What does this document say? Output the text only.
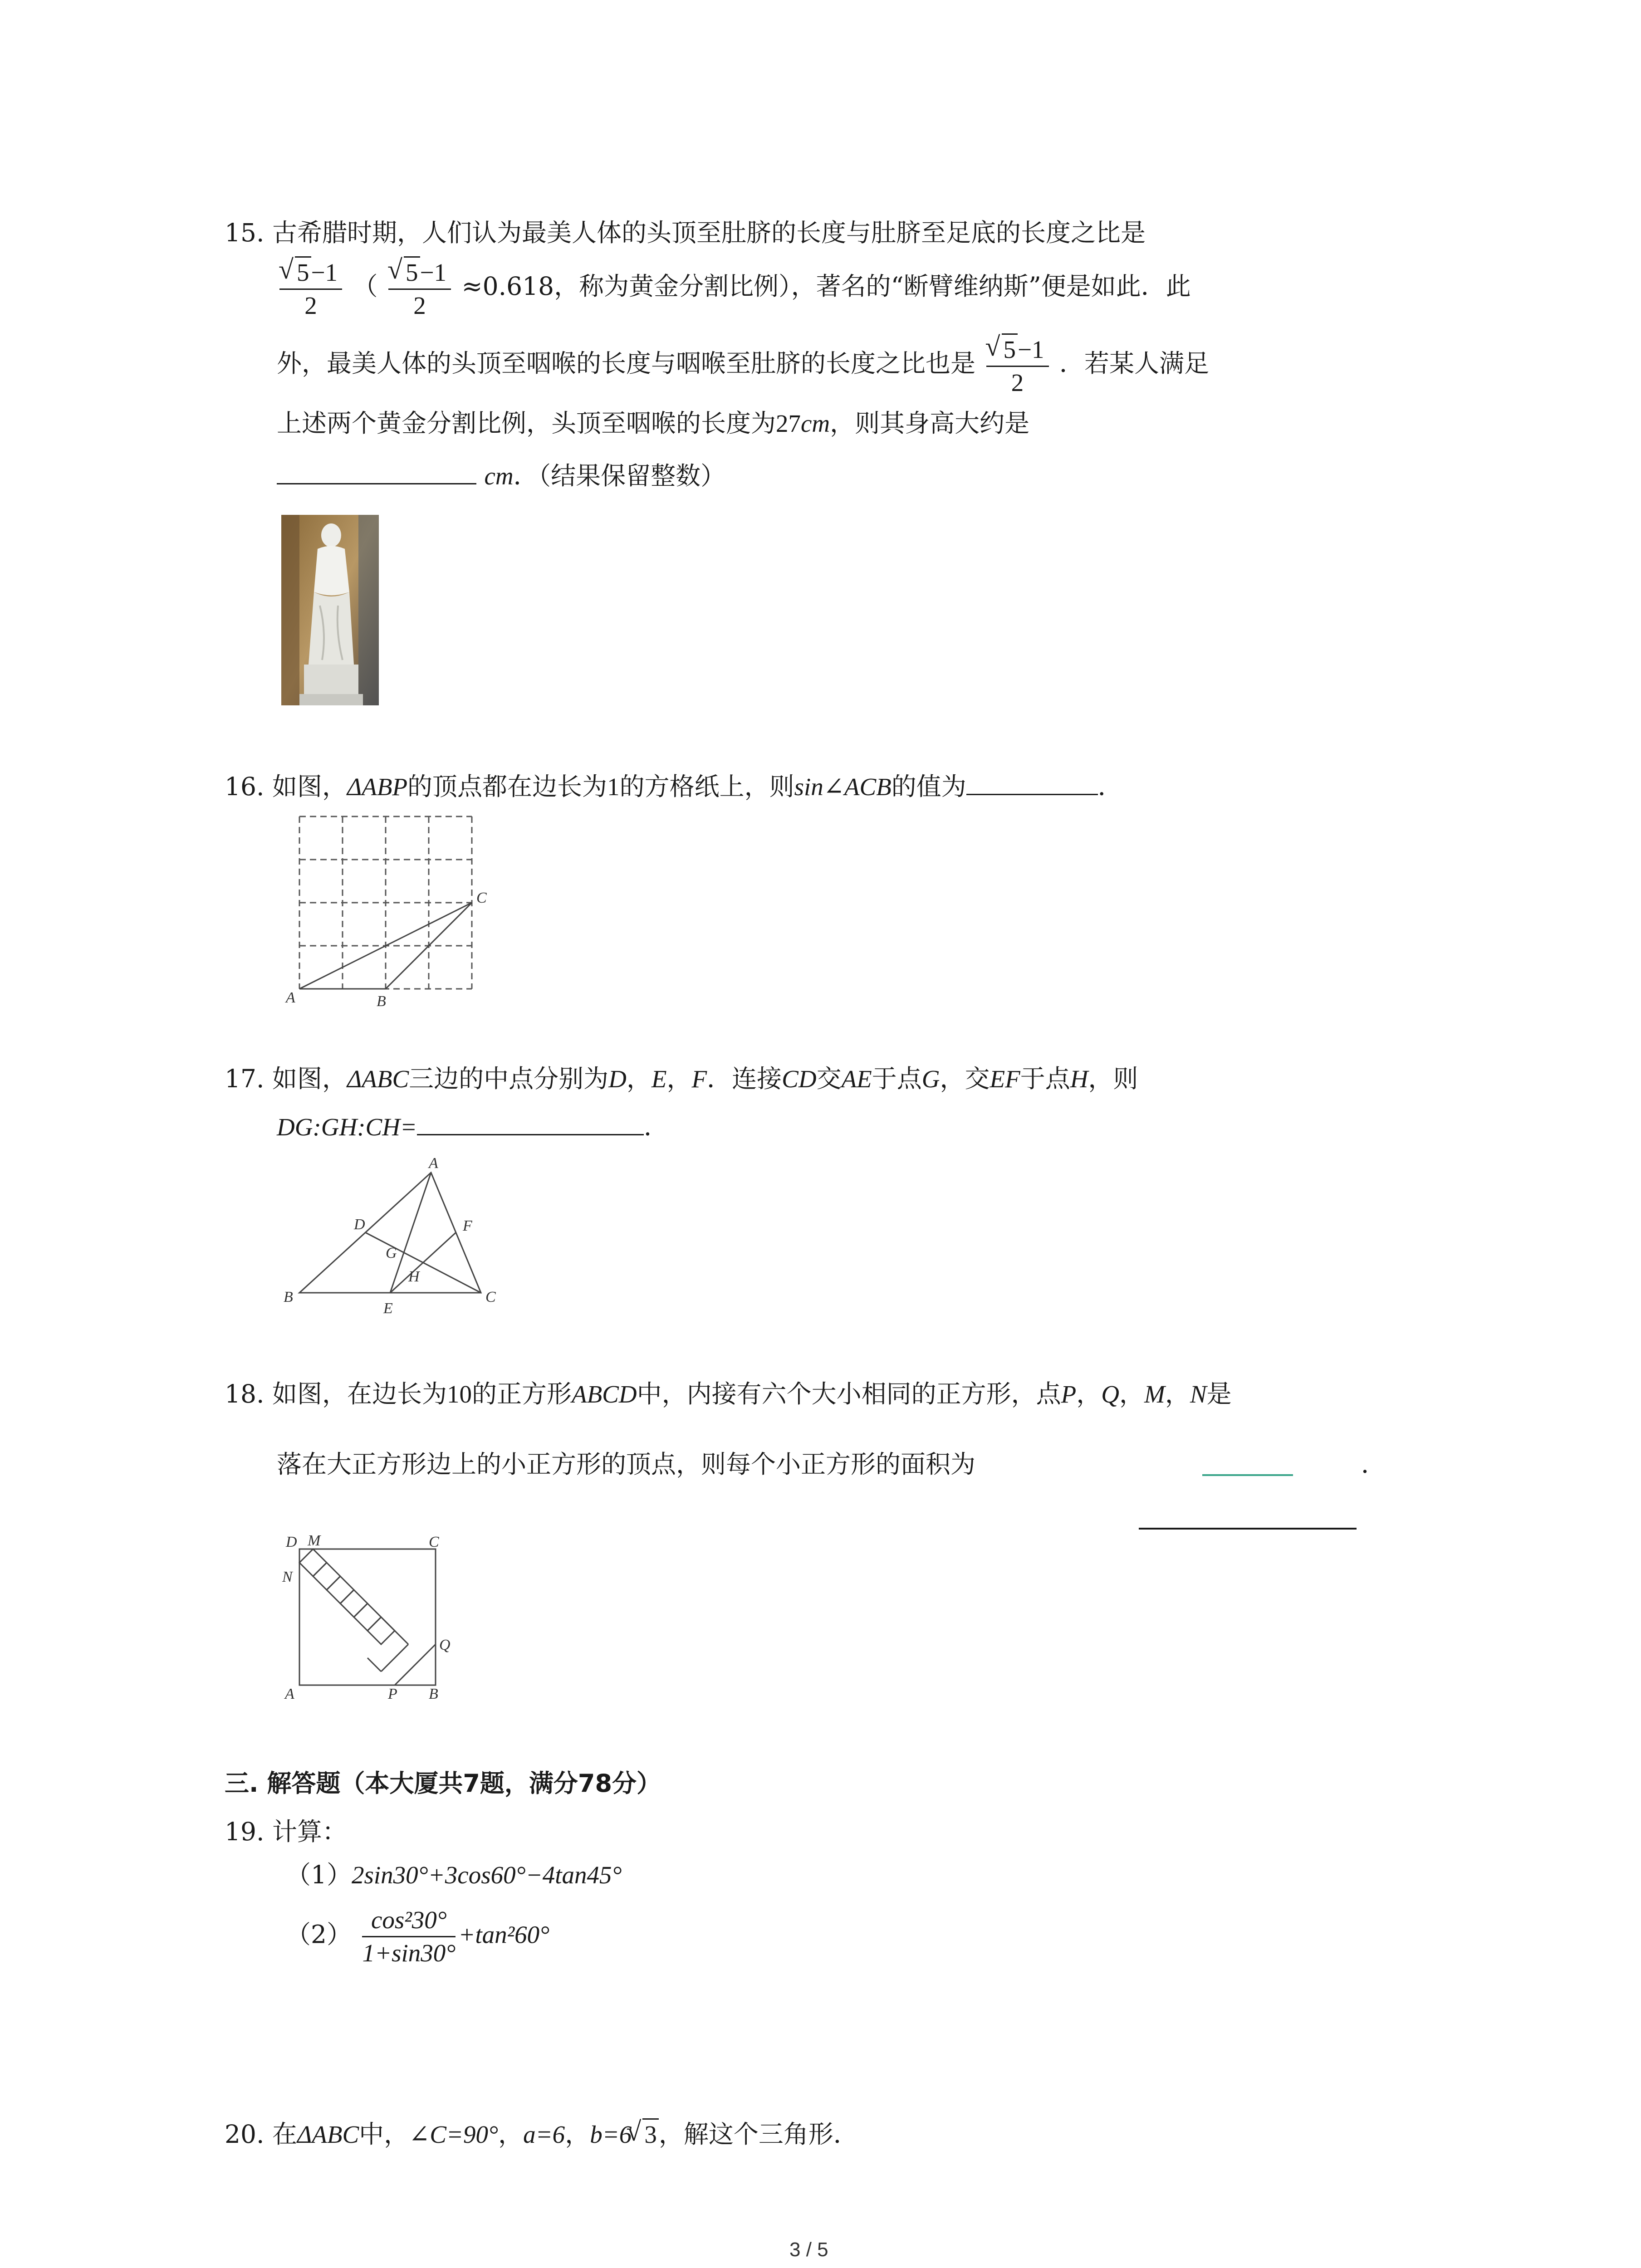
15. 古希腊时期，人们认为最美人体的头顶至肚脐的长度与肚脐至足底的长度之比是
√ $\frac{5-1}{2}$ （ √ $\frac{5-1}{2} \approx 0.618$，称为黄金分割比例），著名的“断臂维纳斯”便是如此．此
外，最美人体的头顶至咽喉的长度与咽喉至肚脐的长度之比也是 √ $\frac{5-1}{2}$ ．若某人满足
上述两个黄金分割比例，头顶至咽喉的长度为27cm，则其身高大约是
cm．（结果保留整数）
16. 如图，ΔABP的顶点都在边长为1的方格纸上，则sin∠ACB的值为	．
A	B
C
17. 如图，ΔABC三边的中点分别为D，E，F．连接CD交AE于点G，交EF于点H，则
DG:GH:CH=	．
A
B	C
D
E
F
G
H
18. 如图，在边长为10的正方形ABCD中，内接有六个大小相同的正方形，点P，Q，M，N是
落在大正方形边上的小正方形的顶点，则每个小正方形的面积为	．
D M	C
N
Q
A	P B
三. 解答题（本大厦共7题，满分78分）
19. 计算：
（1）2sin30°+3cos60°−4tan45°
$(2) \frac{\text{cos²30°}}{1+\sin 30^\circ} +\tan^260^\circ$
20. 在ΔABC中，∠C=90°，a=6，b=6 √ 3，解这个三角形．
3 / 5
